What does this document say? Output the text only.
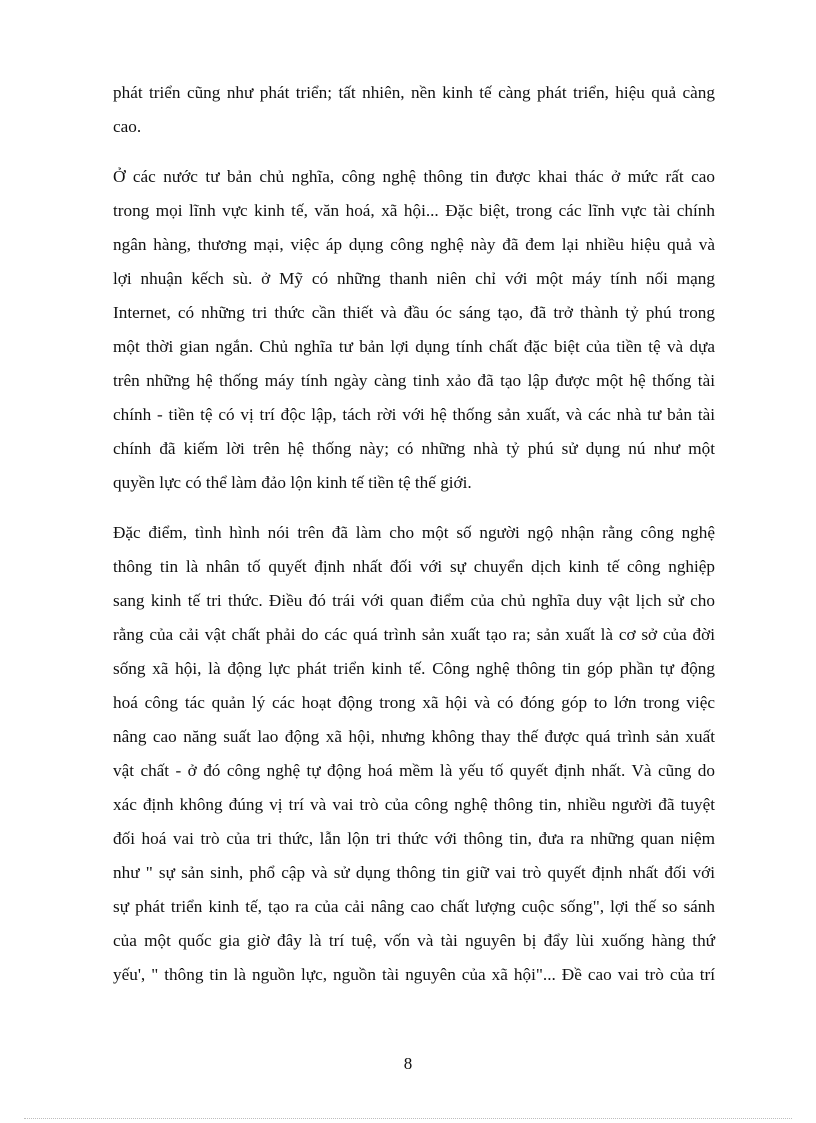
phát triển cũng như phát triển; tất nhiên, nền kinh tế càng phát triển, hiệu quả càng
cao.
Ở các nước tư bản chủ nghĩa, công nghệ thông tin được khai thác ở mức rất cao
trong mọi lĩnh vực kinh tế, văn hoá, xã hội... Đặc biệt, trong các lĩnh vực tài chính
ngân hàng, thương mại, việc áp dụng công nghệ này đã đem lại nhiều hiệu quả và
lợi nhuận kếch sù. ở Mỹ có những thanh niên chỉ với một máy tính nối mạng
Internet, có những tri thức cần thiết và đầu óc sáng tạo, đã trở thành tỷ phú trong
một thời gian ngắn. Chủ nghĩa tư bản lợi dụng tính chất đặc biệt của tiền tệ và dựa
trên những hệ thống máy tính ngày càng tinh xảo đã tạo lập được một hệ thống tài
chính - tiền tệ có vị trí độc lập, tách rời với hệ thống sản xuất, và các nhà tư bản tài
chính đã kiếm lời trên hệ thống này; có những nhà tỷ phú sử dụng nú như một
quyền lực có thể làm đảo lộn kinh tế tiền tệ thế giới.
Đặc điểm, tình hình nói trên đã làm cho một số người ngộ nhận rằng công nghệ
thông tin là nhân tố quyết định nhất đối với sự chuyển dịch kinh tế công nghiệp
sang kinh tế tri thức. Điều đó trái với quan điểm của chủ nghĩa duy vật lịch sử cho
rằng của cải vật chất phải do các quá trình sản xuất tạo ra; sản xuất là cơ sở của đời
sống xã hội, là động lực phát triển kinh tế. Công nghệ thông tin góp phần tự động
hoá công tác quản lý các hoạt động trong xã hội và có đóng góp to lớn trong việc
nâng cao năng suất lao động xã hội, nhưng không thay thế được quá trình sản xuất
vật chất - ở đó công nghệ tự động hoá mềm là yếu tố quyết định nhất. Và cũng do
xác định không đúng vị trí và vai trò của công nghệ thông tin, nhiều người đã tuyệt
đối hoá vai trò của tri thức, lẫn lộn tri thức với thông tin, đưa ra những quan niệm
như " sự sản sinh, phổ cập và sử dụng thông tin giữ vai trò quyết định nhất đối với
sự phát triển kinh tế, tạo ra của cải nâng cao chất lượng cuộc sống", lợi thế so sánh
của một quốc gia giờ đây là trí tuệ, vốn và tài nguyên bị đẩy lùi xuống hàng thứ
yếu', " thông tin là nguồn lực, nguồn tài nguyên của xã hội"... Đề cao vai trò của trí
8
